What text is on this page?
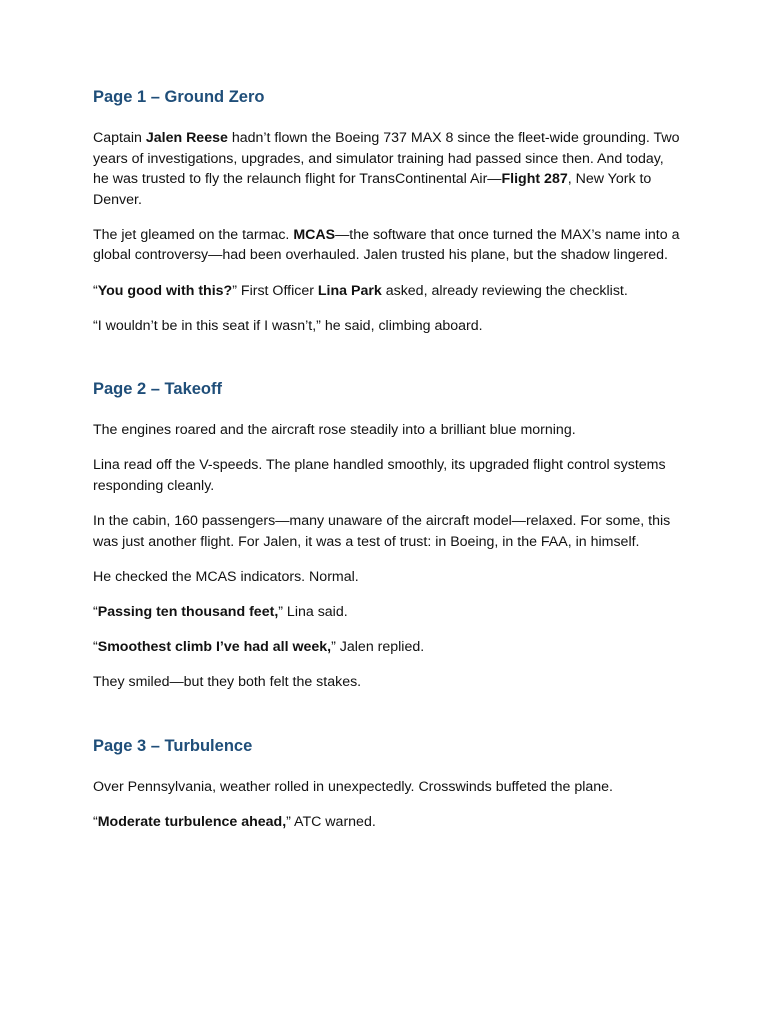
Page 1 – Ground Zero

Captain Jalen Reese hadn’t flown the Boeing 737 MAX 8 since the fleet-wide grounding. Two years of investigations, upgrades, and simulator training had passed since then. And today, he was trusted to fly the relaunch flight for TransContinental Air—Flight 287, New York to Denver.

The jet gleamed on the tarmac. MCAS—the software that once turned the MAX’s name into a global controversy—had been overhauled. Jalen trusted his plane, but the shadow lingered.

“You good with this?” First Officer Lina Park asked, already reviewing the checklist.

“I wouldn’t be in this seat if I wasn’t,” he said, climbing aboard.

Page 2 – Takeoff

The engines roared and the aircraft rose steadily into a brilliant blue morning.

Lina read off the V-speeds. The plane handled smoothly, its upgraded flight control systems responding cleanly.

In the cabin, 160 passengers—many unaware of the aircraft model—relaxed. For some, this was just another flight. For Jalen, it was a test of trust: in Boeing, in the FAA, in himself.

He checked the MCAS indicators. Normal.

“Passing ten thousand feet,” Lina said.

“Smoothest climb I’ve had all week,” Jalen replied.

They smiled—but they both felt the stakes.

Page 3 – Turbulence

Over Pennsylvania, weather rolled in unexpectedly. Crosswinds buffeted the plane.

“Moderate turbulence ahead,” ATC warned.
